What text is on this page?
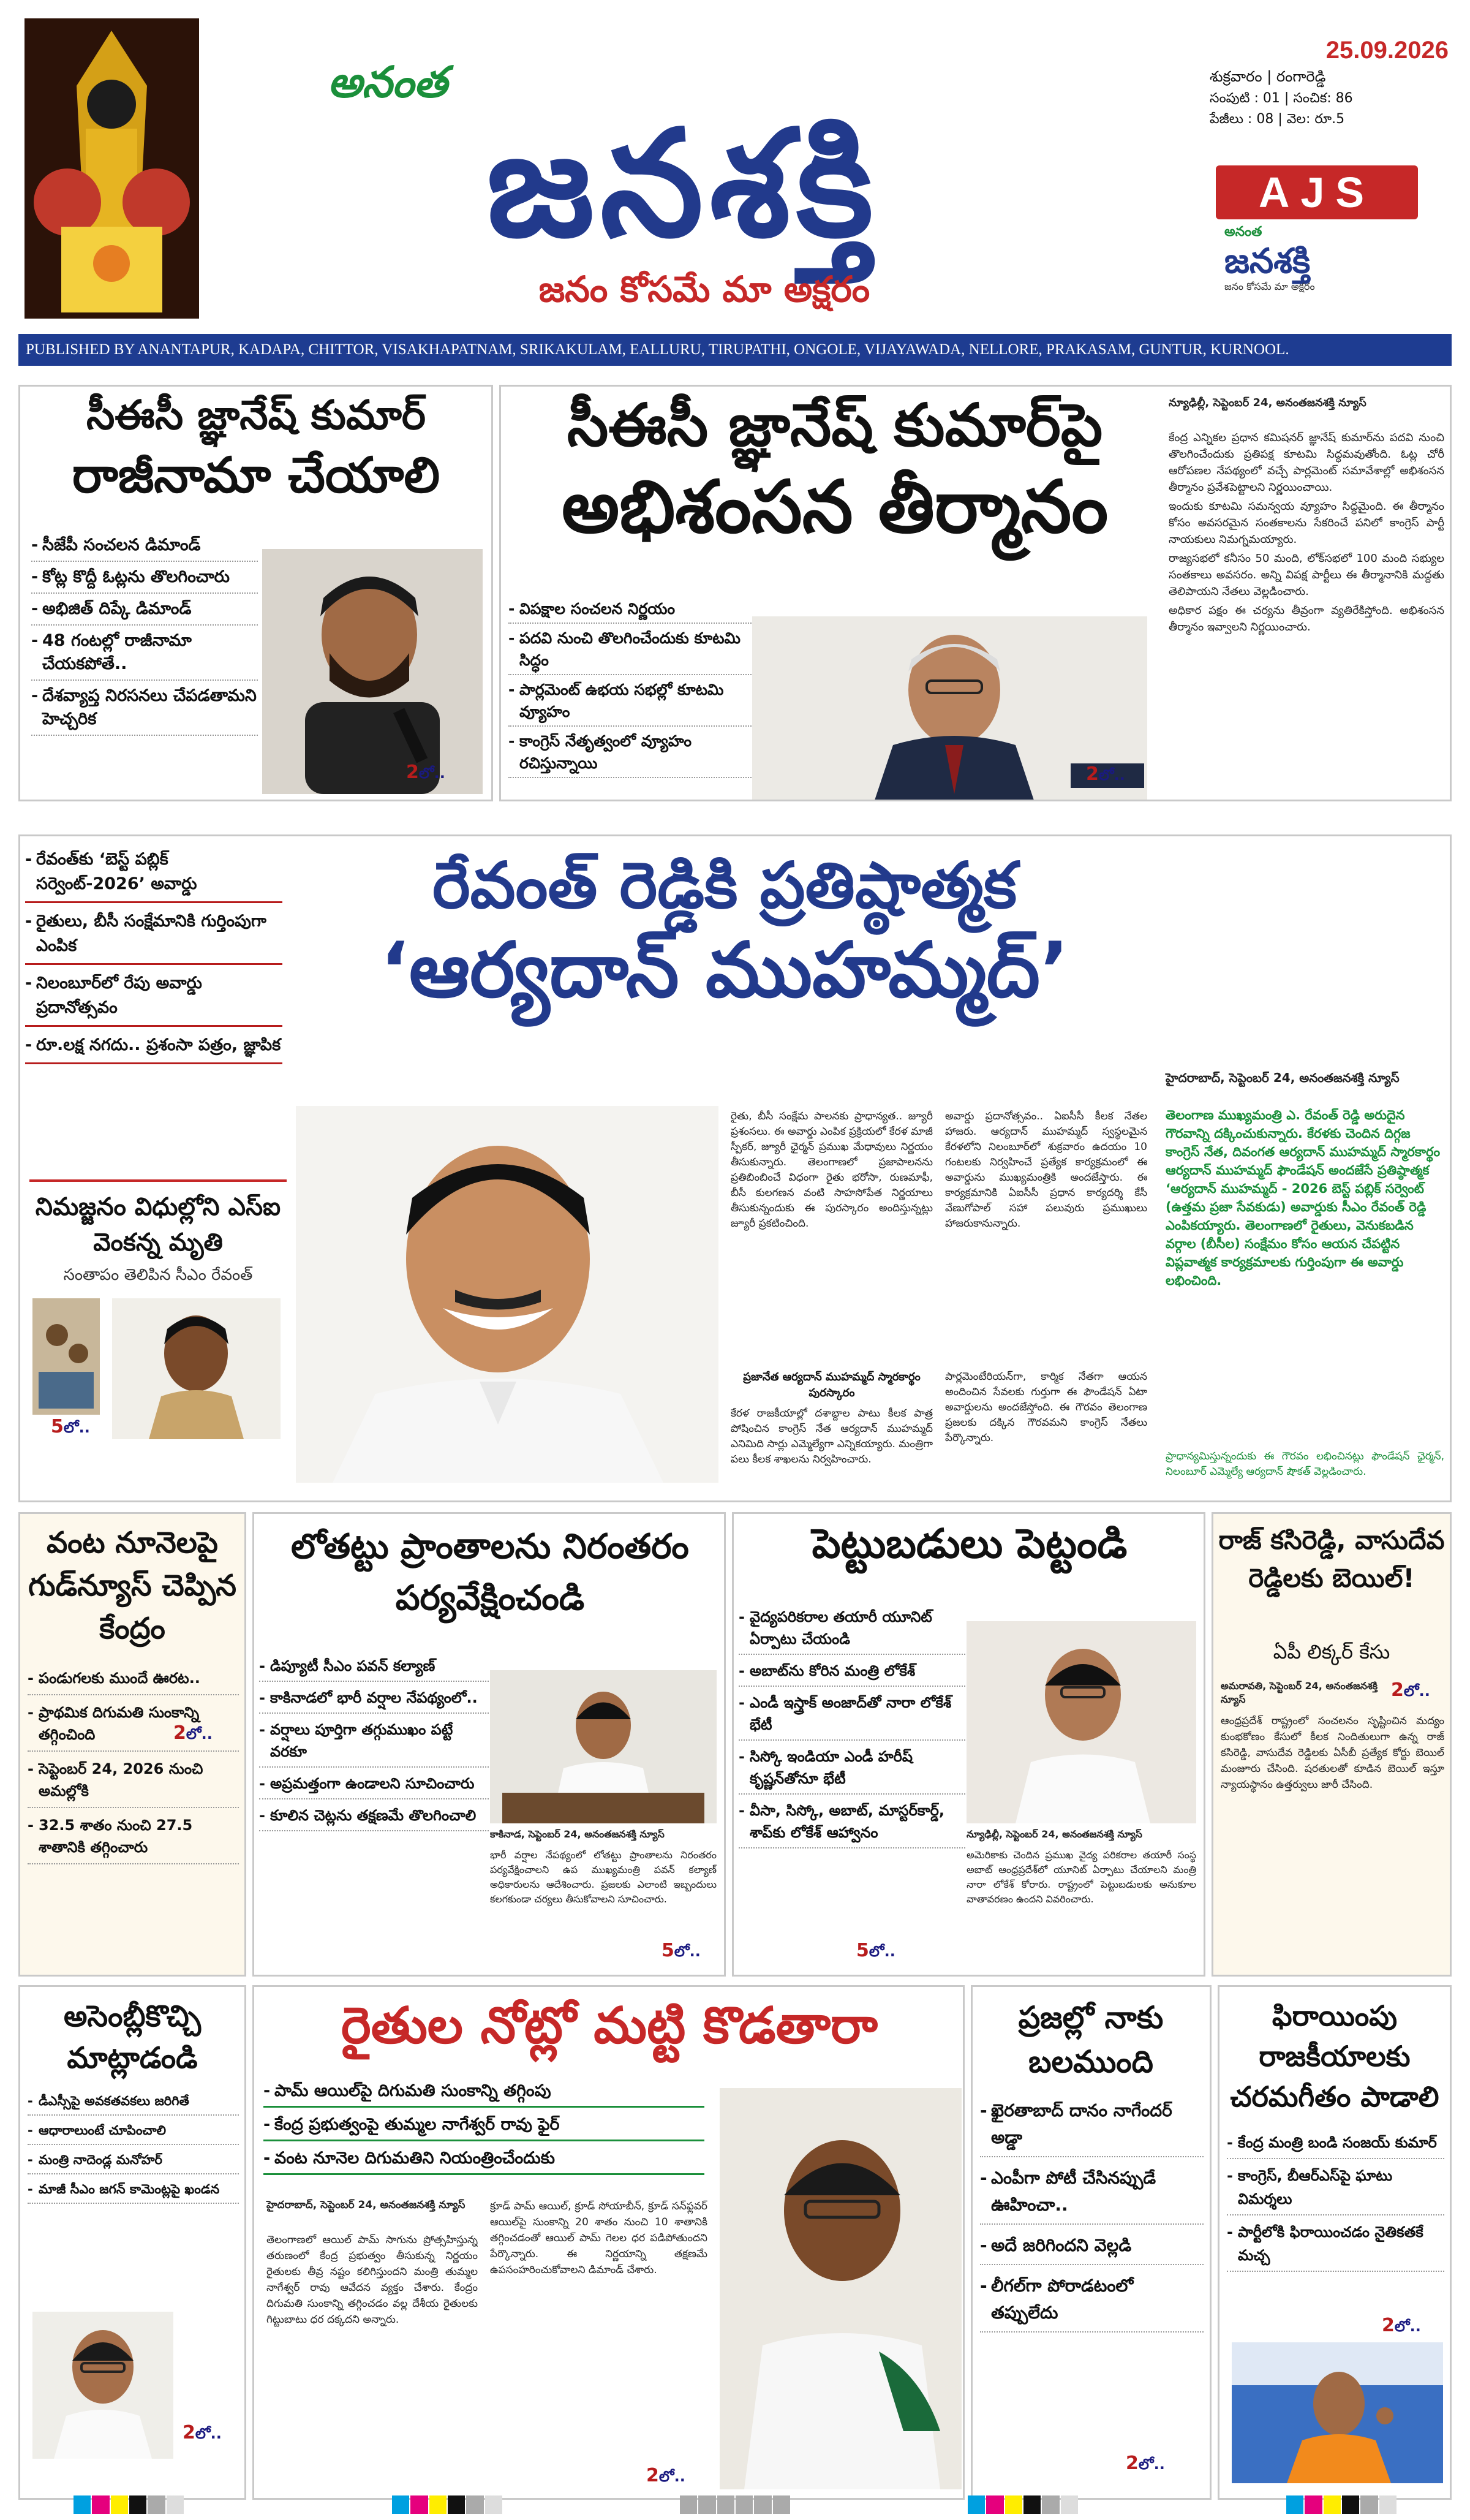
అనంత
జనశక్తి
జనం కోసమే మా అక్షరం
25.09.2026
శుక్రవారం | రంగారెడ్డి
సంపుటి : 01 | సంచిక: 86
పేజీలు : 08 | వెల: రూ.5
AJS
అనంత
జనశక్తి
జనం కోసమే మా అక్షరం
PUBLISHED BY ANANTAPUR, KADAPA, CHITTOR, VISAKHAPATNAM, SRIKAKULAM, EALLURU, TIRUPATHI, ONGOLE, VIJAYAWADA, NELLORE, PRAKASAM, GUNTUR, KURNOOL.
సీఈసీ జ్ఞానేష్ కుమార్
రాజీనామా చేయాలి
- సీజేపీ సంచలన డిమాండ్
- కోట్ల కొద్దీ ఓట్లను తొలగించారు
- అభిజిత్ దిప్కే డిమాండ్
- 48 గంటల్లో రాజీనామా చేయకపోతే..
- దేశవ్యాప్త నిరసనలు చేపడతామని హెచ్చరిక
2లో..
సీఈసీ జ్ఞానేష్ కుమార్‌పై
అభిశంసన తీర్మానం
- విపక్షాల సంచలన నిర్ణయం
- పదవి నుంచి తొలగించేందుకు కూటమి సిద్ధం
- పార్లమెంట్ ఉభయ సభల్లో కూటమి వ్యూహం
- కాంగ్రెస్ నేతృత్వంలో వ్యూహం రచిస్తున్నాయి
2లో..
న్యూఢిల్లీ, సెప్టెంబర్ 24, అనంతజనశక్తి న్యూస్

కేంద్ర ఎన్నికల ప్రధాన కమిషనర్ జ్ఞానేష్ కుమార్‌ను పదవి నుంచి తొలగించేందుకు ప్రతిపక్ష కూటమి సిద్ధమవుతోంది. ఓట్ల చోరీ ఆరోపణల నేపథ్యంలో వచ్చే పార్లమెంట్ సమావేశాల్లో అభిశంసన తీర్మానం ప్రవేశపెట్టాలని నిర్ణయించాయి.

ఇందుకు కూటమి సమన్వయ వ్యూహం సిద్ధమైంది. ఈ తీర్మానం కోసం అవసరమైన సంతకాలను సేకరించే పనిలో కాంగ్రెస్ పార్టీ నాయకులు నిమగ్నమయ్యారు.

రాజ్యసభలో కనీసం 50 మంది, లోక్‌సభలో 100 మంది సభ్యుల సంతకాలు అవసరం. అన్ని విపక్ష పార్టీలు ఈ తీర్మానానికి మద్దతు తెలిపాయని నేతలు వెల్లడించారు.

అధికార పక్షం ఈ చర్యను తీవ్రంగా వ్యతిరేకిస్తోంది. అభిశంసన తీర్మానం ఇవ్వాలని నిర్ణయించారు.

- రేవంత్‌కు ‘బెస్ట్ పబ్లిక్ సర్వెంట్-2026’ అవార్డు
- రైతులు, బీసీ సంక్షేమానికి గుర్తింపుగా ఎంపిక
- నిలంబూర్‌లో రేపు అవార్డు ప్రదానోత్సవం
- రూ.లక్ష నగదు.. ప్రశంసా పత్రం, జ్ఞాపిక
నిమజ్జనం విధుల్లోని ఎస్ఐ వెంకన్న మృతి
సంతాపం తెలిపిన సీఎం రేవంత్
5లో..
రేవంత్ రెడ్డికి ప్రతిష్ఠాత్మక
‘ఆర్యదాన్ ముహమ్మద్’
రైతు, బీసీ సంక్షేమ పాలనకు ప్రాధాన్యత.. జ్యూరీ ప్రశంసలు. ఈ అవార్డు ఎంపిక ప్రక్రియలో కేరళ మాజీ స్పీకర్, జ్యూరీ ఛైర్మన్ ప్రముఖ మేధావులు నిర్ణయం తీసుకున్నారు. తెలంగాణలో ప్రజాపాలనను ప్రతిబింబించే విధంగా రైతు భరోసా, రుణమాఫీ, బీసీ కులగణన వంటి సాహసోపేత నిర్ణయాలు తీసుకున్నందుకు ఈ పురస్కారం అందిస్తున్నట్లు జ్యూరీ ప్రకటించింది.
అవార్డు ప్రదానోత్సవం.. ఏఐసీసీ కీలక నేతల హాజరు. ఆర్యదాన్ ముహమ్మద్ స్వస్థలమైన కేరళలోని నిలంబూర్‌లో శుక్రవారం ఉదయం 10 గంటలకు నిర్వహించే ప్రత్యేక కార్యక్రమంలో ఈ అవార్డును ముఖ్యమంత్రికి అందజేస్తారు. ఈ కార్యక్రమానికి ఏఐసీసీ ప్రధాన కార్యదర్శి కేసీ వేణుగోపాల్ సహా పలువురు ప్రముఖులు హాజరుకానున్నారు.
ప్రజానేత ఆర్యదాన్ ముహమ్మద్ స్మారకార్థం పురస్కారం
కేరళ రాజకీయాల్లో దశాబ్దాల పాటు కీలక పాత్ర పోషించిన కాంగ్రెస్ నేత ఆర్యదాన్ ముహమ్మద్ ఎనిమిది సార్లు ఎమ్మెల్యేగా ఎన్నికయ్యారు. మంత్రిగా పలు కీలక శాఖలను నిర్వహించారు.
పార్లమెంటేరియన్‌గా, కార్మిక నేతగా ఆయన అందించిన సేవలకు గుర్తుగా ఈ ఫౌండేషన్ ఏటా అవార్డులను అందజేస్తోంది. ఈ గౌరవం తెలంగాణ ప్రజలకు దక్కిన గౌరవమని కాంగ్రెస్ నేతలు పేర్కొన్నారు.
హైదరాబాద్, సెప్టెంబర్ 24, అనంతజనశక్తి న్యూస్
తెలంగాణ ముఖ్యమంత్రి ఎ. రేవంత్ రెడ్డి అరుదైన గౌరవాన్ని దక్కించుకున్నారు. కేరళకు చెందిన దిగ్గజ కాంగ్రెస్ నేత, దివంగత ఆర్యదాన్ ముహమ్మద్ స్మారకార్థం ఆర్యదాన్ ముహమ్మద్ ఫౌండేషన్ అందజేసే ప్రతిష్ఠాత్మక ‘ఆర్యదాన్ ముహమ్మద్ - 2026 బెస్ట్ పబ్లిక్ సర్వెంట్ (ఉత్తమ ప్రజా సేవకుడు) అవార్డుకు సీఎం రేవంత్ రెడ్డి ఎంపికయ్యారు. తెలంగాణలో రైతులు, వెనుకబడిన వర్గాల (బీసీల) సంక్షేమం కోసం ఆయన చేపట్టిన విప్లవాత్మక కార్యక్రమాలకు గుర్తింపుగా ఈ అవార్డు లభించింది.
ప్రాధాన్యమిస్తున్నందుకు ఈ గౌరవం లభించినట్లు ఫౌండేషన్ ఛైర్మన్, నిలంబూర్ ఎమ్మెల్యే ఆర్యదాన్ షౌకత్ వెల్లడించారు.
వంట నూనెలపై గుడ్‌న్యూస్ చెప్పిన కేంద్రం
- పండుగలకు ముందే ఊరట..
- ప్రాథమిక దిగుమతి సుంకాన్ని తగ్గించింది
- సెప్టెంబర్ 24, 2026 నుంచి అమల్లోకి
- 32.5 శాతం నుంచి 27.5 శాతానికి తగ్గించారు
2లో..
లోతట్టు ప్రాంతాలను నిరంతరం పర్యవేక్షించండి
- డిప్యూటీ సీఎం పవన్ కల్యాణ్
- కాకినాడలో భారీ వర్షాల నేపథ్యంలో..
- వర్షాలు పూర్తిగా తగ్గుముఖం పట్టే వరకూ
- అప్రమత్తంగా ఉండాలని సూచించారు
- కూలిన చెట్లను తక్షణమే తొలగించాలి
కాకినాడ, సెప్టెంబర్ 24, అనంతజనశక్తి న్యూస్
భారీ వర్షాల నేపథ్యంలో లోతట్టు ప్రాంతాలను నిరంతరం పర్యవేక్షించాలని ఉప ముఖ్యమంత్రి పవన్ కల్యాణ్ అధికారులను ఆదేశించారు. ప్రజలకు ఎలాంటి ఇబ్బందులు కలగకుండా చర్యలు తీసుకోవాలని సూచించారు.
5లో..
పెట్టుబడులు పెట్టండి
- వైద్యపరికరాల తయారీ యూనిట్ ఏర్పాటు చేయండి
- అబాట్‌ను కోరిన మంత్రి లోకేశ్
- ఎండీ ఇస్త్రాక్ అంజాద్‌తో నారా లోకేశ్ భేటీ
- సిస్కో ఇండియా ఎండీ హరీష్ కృష్ణన్‌తోనూ భేటీ
- వీసా, సిస్కో, అబాట్, మాస్టర్‌కార్డ్, శాప్‌కు లోకేశ్ ఆహ్వానం	న్యూఢిల్లీ, సెప్టెంబర్ 24, అనంతజనశక్తి న్యూస్
అమెరికాకు చెందిన ప్రముఖ వైద్య పరికరాల తయారీ సంస్థ అబాట్ ఆంధ్రప్రదేశ్‌లో యూనిట్ ఏర్పాటు చేయాలని మంత్రి నారా లోకేశ్ కోరారు. రాష్ట్రంలో పెట్టుబడులకు అనుకూల వాతావరణం ఉందని వివరించారు.
5లో..
రాజ్ కసిరెడ్డి, వాసుదేవ రెడ్డిలకు బెయిల్!
ఏపీ లిక్కర్ కేసు
అమరావతి, సెప్టెంబర్ 24, అనంతజనశక్తి న్యూస్	2లో..
ఆంధ్రప్రదేశ్ రాష్ట్రంలో సంచలనం సృష్టించిన మద్యం కుంభకోణం కేసులో కీలక నిందితులుగా ఉన్న రాజ్ కసిరెడ్డి, వాసుదేవ రెడ్డిలకు ఏసీబీ ప్రత్యేక కోర్టు బెయిల్ మంజూరు చేసింది. షరతులతో కూడిన బెయిల్ ఇస్తూ న్యాయస్థానం ఉత్తర్వులు జారీ చేసింది.
అసెంబ్లీకొచ్చి మాట్లాడండి
- డీఎస్సీపై అవకతవకలు జరిగితే
- ఆధారాలుంటే చూపించాలి
- మంత్రి నాదెండ్ల మనోహర్
- మాజీ సీఎం జగన్ కామెంట్లపై ఖండన
2లో..
రైతుల నోట్లో మట్టి కొడతారా
- పామ్ ఆయిల్‌పై దిగుమతి సుంకాన్ని తగ్గింపు
- కేంద్ర ప్రభుత్వంపై తుమ్మల నాగేశ్వర్ రావు ఫైర్
- వంట నూనెల దిగుమతిని నియంత్రించేందుకు
హైదరాబాద్, సెప్టెంబర్ 24, అనంతజనశక్తి న్యూస్
తెలంగాణలో ఆయిల్ పామ్ సాగును ప్రోత్సహిస్తున్న తరుణంలో కేంద్ర ప్రభుత్వం తీసుకున్న నిర్ణయం రైతులకు తీవ్ర నష్టం కలిగిస్తుందని మంత్రి తుమ్మల నాగేశ్వర్ రావు ఆవేదన వ్యక్తం చేశారు. కేంద్రం దిగుమతి సుంకాన్ని తగ్గించడం వల్ల దేశీయ రైతులకు గిట్టుబాటు ధర దక్కదని అన్నారు.
క్రూడ్ పామ్ ఆయిల్, క్రూడ్ సోయాబీన్, క్రూడ్ సన్‌ఫ్లవర్ ఆయిల్‌పై సుంకాన్ని 20 శాతం నుంచి 10 శాతానికి తగ్గించడంతో ఆయిల్ పామ్ గెలల ధర పడిపోతుందని పేర్కొన్నారు. ఈ నిర్ణయాన్ని తక్షణమే ఉపసంహరించుకోవాలని డిమాండ్ చేశారు.
2లో..
ప్రజల్లో నాకు బలముంది
- ఖైరతాబాద్ దానం నాగేందర్ అడ్డా
- ఎంపీగా పోటీ చేసినప్పుడే ఊహించా..
- అదే జరిగిందని వెల్లడి
- లీగల్‌గా పోరాడటంలో తప్పులేదు
2లో..
ఫిరాయింపు రాజకీయాలకు చరమగీతం పాడాలి
- కేంద్ర మంత్రి బండి సంజయ్ కుమార్
- కాంగ్రెస్, బీఆర్ఎస్‌పై ఘాటు విమర్శలు
- పార్టీలోకి ఫిరాయించడం నైతికతకే మచ్చ
2లో..
